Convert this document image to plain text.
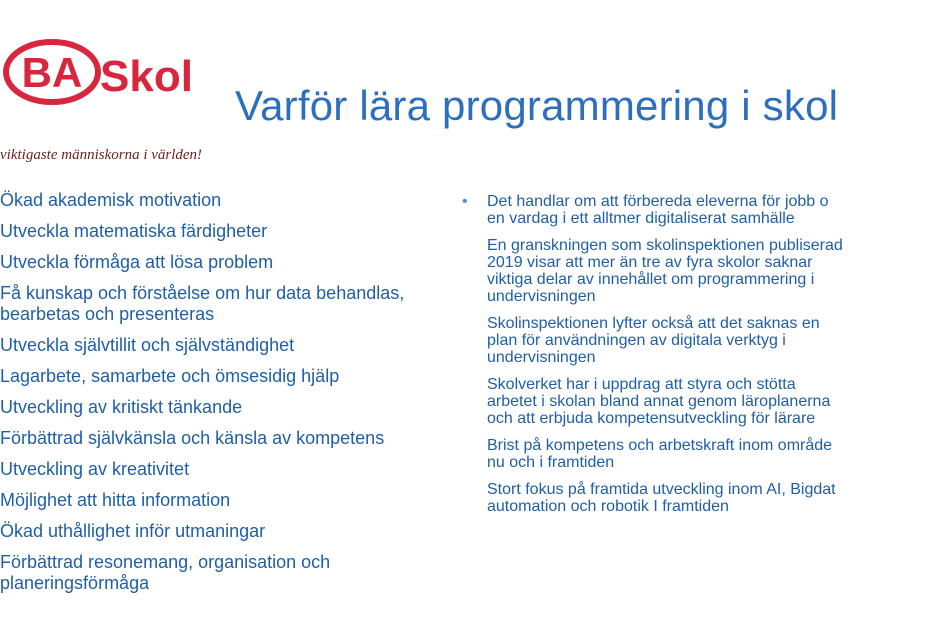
BA Skol

viktigaste människorna i världen!

Varför lära programmering i skol
Ökad akademisk motivation
Utveckla matematiska färdigheter
Utveckla förmåga att lösa problem
Få kunskap och förståelse om hur data behandlas,
bearbetas och presenteras
Utveckla självtillit och självständighet
Lagarbete, samarbete och ömsesidig hjälp
Utveckling av kritiskt tänkande
Förbättrad självkänsla och känsla av kompetens
Utveckling av kreativitet
Möjlighet att hitta information
Ökad uthållighet inför utmaningar
Förbättrad resonemang, organisation och
planeringsförmåga
• Det handlar om att förbereda eleverna för jobb o
en vardag i ett alltmer digitaliserat samhälle
En granskningen som skolinspektionen publiserad
2019 visar att mer än tre av fyra skolor saknar
viktiga delar av innehållet om programmering i
undervisningen
Skolinspektionen lyfter också att det saknas en
plan för användningen av digitala verktyg i
undervisningen
Skolverket har i uppdrag att styra och stötta
arbetet i skolan bland annat genom läroplanerna
och att erbjuda kompetensutveckling för lärare
Brist på kompetens och arbetskraft inom område
nu och i framtiden
Stort fokus på framtida utveckling inom AI, Bigdat
automation och robotik I framtiden
